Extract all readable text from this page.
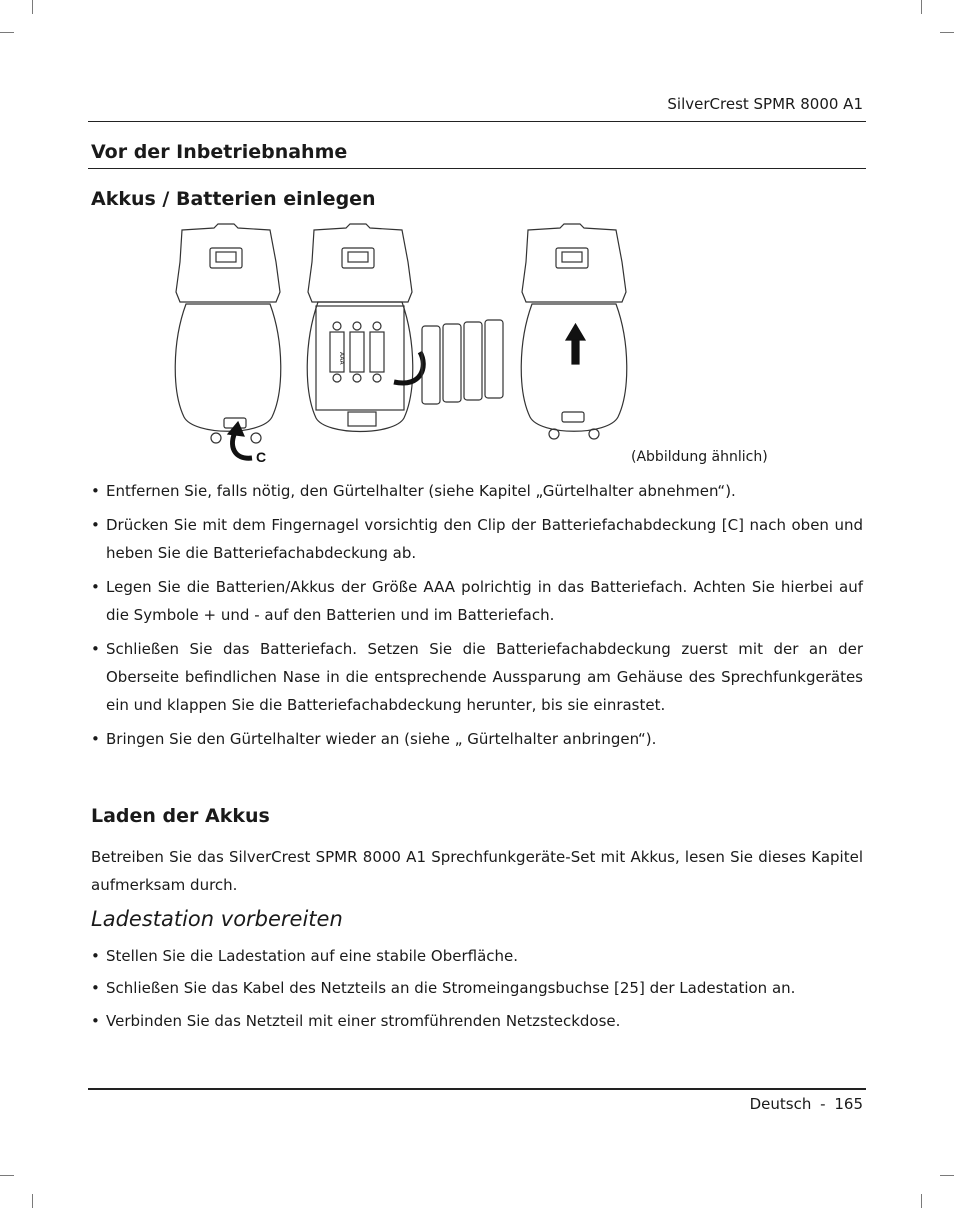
SilverCrest SPMR 8000 A1
Vor der Inbetriebnahme
Akkus / Batterien einlegen
C
AAA
(Abbildung ähnlich)
• Entfernen Sie, falls nötig, den Gürtelhalter (siehe Kapitel „Gürtelhalter abnehmen“).
• Drücken Sie mit dem Fingernagel vorsichtig den Clip der Batteriefachabdeckung [C] nach oben und heben Sie die Batteriefachabdeckung ab.
• Legen Sie die Batterien/Akkus der Größe AAA polrichtig in das Batteriefach. Achten Sie hierbei auf die Symbole + und - auf den Batterien und im Batteriefach.
• Schließen Sie das Batteriefach. Setzen Sie die Batteriefachabdeckung zuerst mit der an der Oberseite befindlichen Nase in die entsprechende Aussparung am Gehäuse des Sprechfunkgerätes ein und klappen Sie die Batteriefachabdeckung herunter, bis sie einrastet.
• Bringen Sie den Gürtelhalter wieder an (siehe „ Gürtelhalter anbringen“).
Laden der Akkus
Betreiben Sie das SilverCrest SPMR 8000 A1 Sprechfunkgeräte-Set mit Akkus, lesen Sie dieses Kapitel aufmerksam durch.
Ladestation vorbereiten
• Stellen Sie die Ladestation auf eine stabile Oberfläche.
• Schließen Sie das Kabel des Netzteils an die Stromeingangsbuchse [25] der Ladestation an.
• Verbinden Sie das Netzteil mit einer stromführenden Netzsteckdose.
Deutsch - 165
